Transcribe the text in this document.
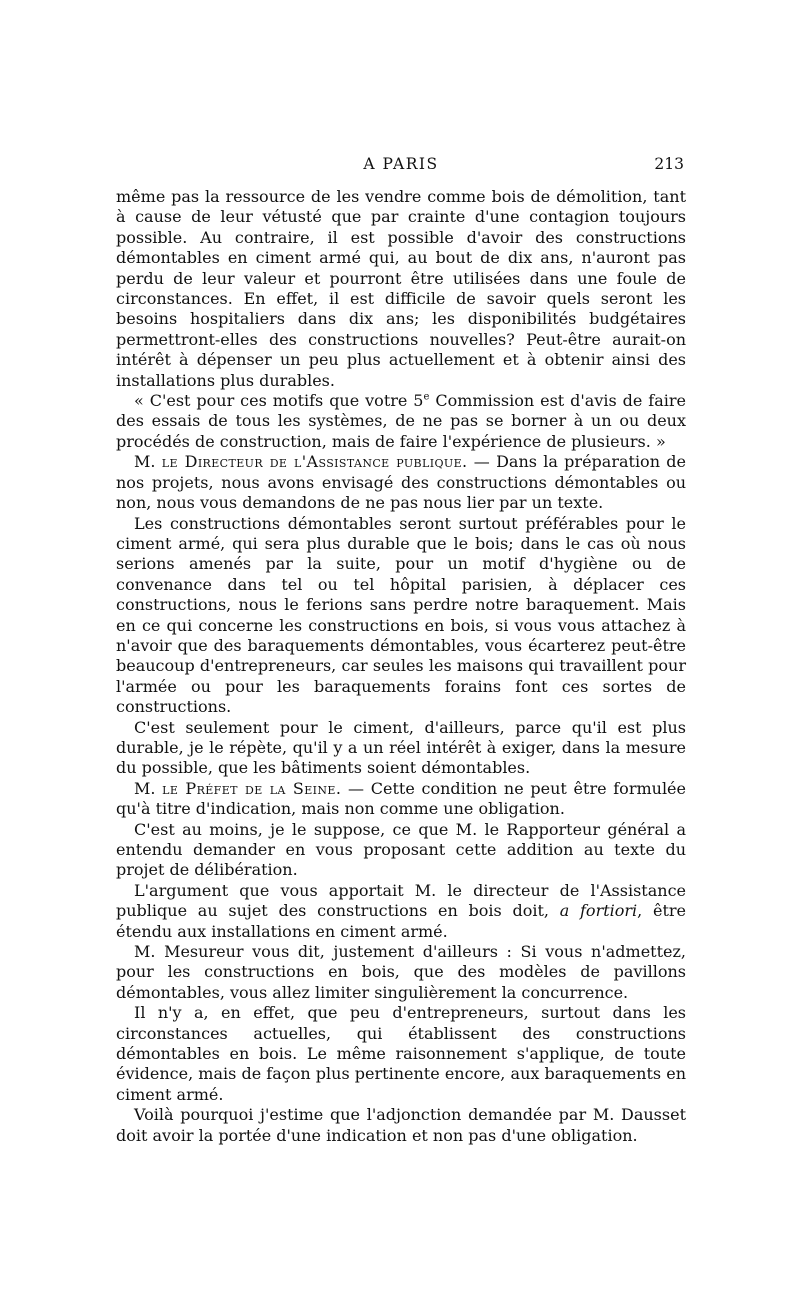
A PARIS	213

même pas la ressource de les vendre comme bois de démolition, tant à cause de leur vétusté que par crainte d'une contagion toujours possible. Au contraire, il est possible d'avoir des constructions démontables en ciment armé qui, au bout de dix ans, n'auront pas perdu de leur valeur et pourront être utilisées dans une foule de circonstances. En effet, il est difficile de savoir quels seront les besoins hospitaliers dans dix ans; les disponibilités budgétaires permettront-elles des constructions nouvelles? Peut-être aurait-on intérêt à dépenser un peu plus actuellement et à obtenir ainsi des installations plus durables.

« C'est pour ces motifs que votre 5e Commission est d'avis de faire des essais de tous les systèmes, de ne pas se borner à un ou deux procédés de construction, mais de faire l'expérience de plusieurs. »

M. le Directeur de l'Assistance publique. — Dans la préparation de nos projets, nous avons envisagé des constructions démontables ou non, nous vous demandons de ne pas nous lier par un texte.

Les constructions démontables seront surtout préférables pour le ciment armé, qui sera plus durable que le bois; dans le cas où nous serions amenés par la suite, pour un motif d'hygiène ou de convenance dans tel ou tel hôpital parisien, à déplacer ces constructions, nous le ferions sans perdre notre baraquement. Mais en ce qui concerne les constructions en bois, si vous vous attachez à n'avoir que des baraquements démontables, vous écarterez peut-être beaucoup d'entrepreneurs, car seules les maisons qui travaillent pour l'armée ou pour les baraquements forains font ces sortes de constructions.

C'est seulement pour le ciment, d'ailleurs, parce qu'il est plus durable, je le répète, qu'il y a un réel intérêt à exiger, dans la mesure du possible, que les bâtiments soient démontables.

M. le Préfet de la Seine. — Cette condition ne peut être formulée qu'à titre d'indication, mais non comme une obligation.

C'est au moins, je le suppose, ce que M. le Rapporteur général a entendu demander en vous proposant cette addition au texte du projet de délibération.

L'argument que vous apportait M. le directeur de l'Assistance publique au sujet des constructions en bois doit, a fortiori, être étendu aux installations en ciment armé.

M. Mesureur vous dit, justement d'ailleurs : Si vous n'admettez, pour les constructions en bois, que des modèles de pavillons démontables, vous allez limiter singulièrement la concurrence.

Il n'y a, en effet, que peu d'entrepreneurs, surtout dans les circonstances actuelles, qui établissent des constructions démontables en bois. Le même raisonnement s'applique, de toute évidence, mais de façon plus pertinente encore, aux baraquements en ciment armé.

Voilà pourquoi j'estime que l'adjonction demandée par M. Dausset doit avoir la portée d'une indication et non pas d'une obligation.
